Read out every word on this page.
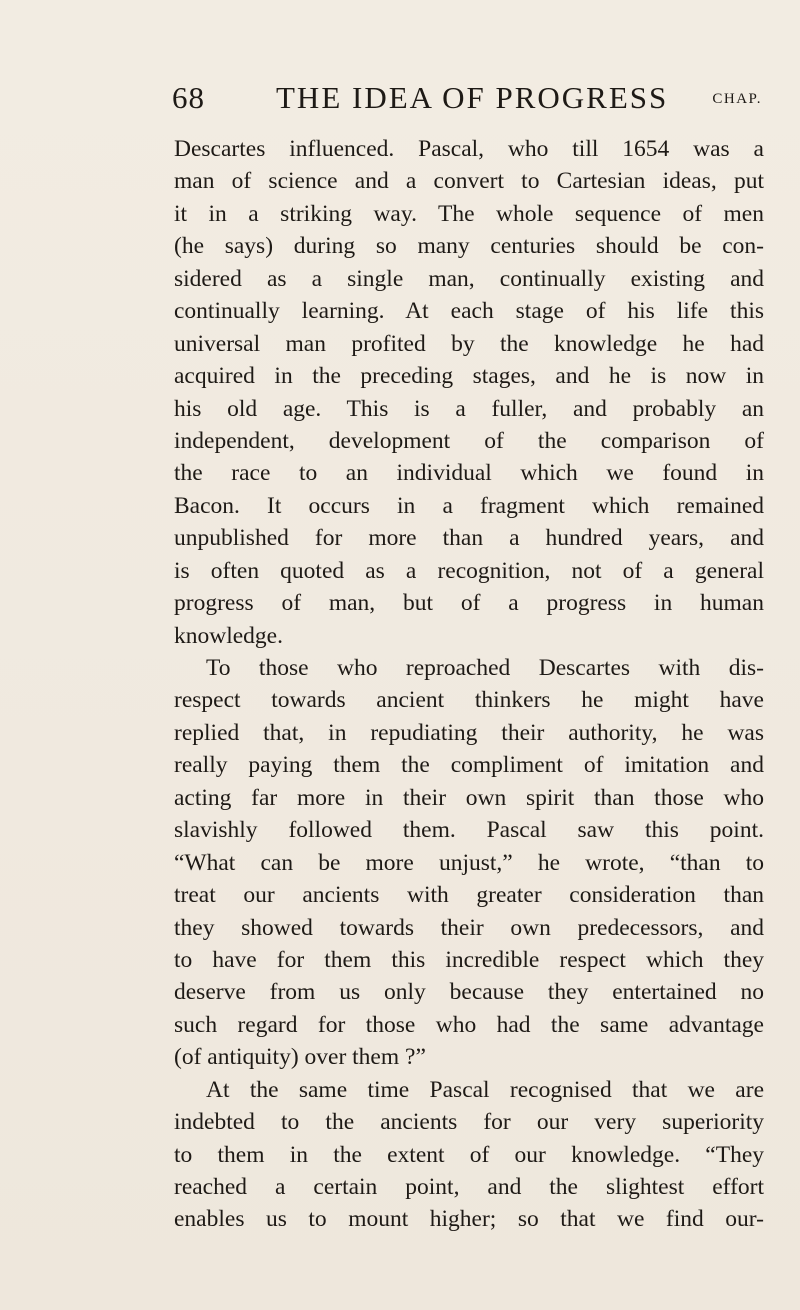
68 THE IDEA OF PROGRESS	CHAP.
Descartes influenced. Pascal, who till 1654 was a
man of science and a convert to Cartesian ideas, put
it in a striking way. The whole sequence of men
(he says) during so many centuries should be con-
sidered as a single man, continually existing and
continually learning. At each stage of his life this
universal man profited by the knowledge he had
acquired in the preceding stages, and he is now in
his old age. This is a fuller, and probably an
independent, development of the comparison of
the race to an individual which we found in
Bacon. It occurs in a fragment which remained
unpublished for more than a hundred years, and
is often quoted as a recognition, not of a general
progress of man, but of a progress in human
knowledge.
To those who reproached Descartes with dis-
respect towards ancient thinkers he might have
replied that, in repudiating their authority, he was
really paying them the compliment of imitation and
acting far more in their own spirit than those who
slavishly followed them. Pascal saw this point.
“What can be more unjust,” he wrote, “than to
treat our ancients with greater consideration than
they showed towards their own predecessors, and
to have for them this incredible respect which they
deserve from us only because they entertained no
such regard for those who had the same advantage
(of antiquity) over them ?”
At the same time Pascal recognised that we are
indebted to the ancients for our very superiority
to them in the extent of our knowledge. “They
reached a certain point, and the slightest effort
enables us to mount higher; so that we find our-
